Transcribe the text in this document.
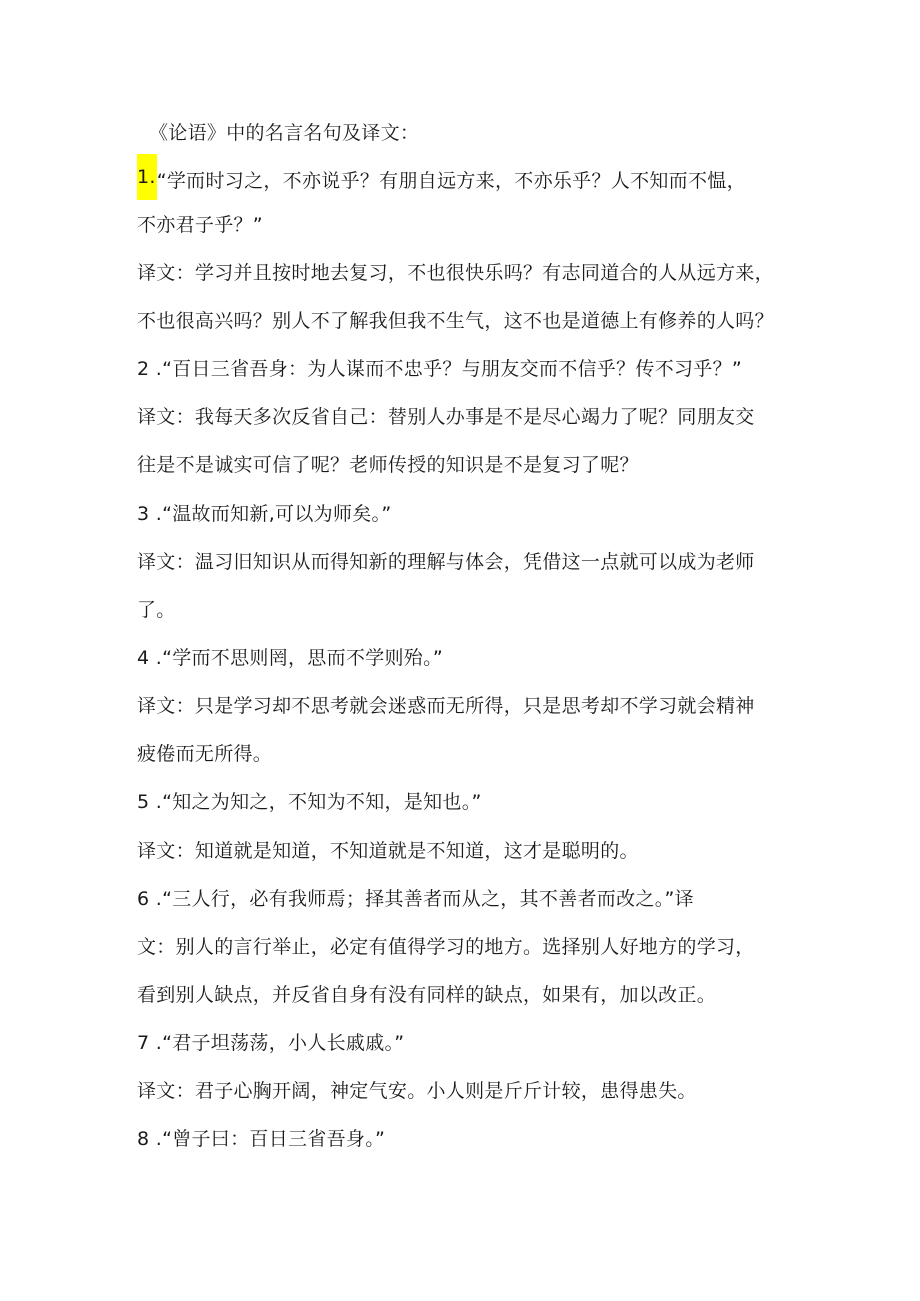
《论语》中的名言名句及译文：
1.“学而时习之，不亦说乎？有朋自远方来，不亦乐乎？人不知而不愠，
不亦君子乎？”
译文：学习并且按时地去复习，不也很快乐吗？有志同道合的人从远方来，
不也很高兴吗？别人不了解我但我不生气，这不也是道德上有修养的人吗？
2 .“百日三省吾身：为人谋而不忠乎？与朋友交而不信乎？传不习乎？”
译文：我每天多次反省自己：替别人办事是不是尽心竭力了呢？同朋友交
往是不是诚实可信了呢？老师传授的知识是不是复习了呢？
3 .“温故而知新,可以为师矣。”
译文：温习旧知识从而得知新的理解与体会，凭借这一点就可以成为老师
了。
4 .“学而不思则罔，思而不学则殆。”
译文：只是学习却不思考就会迷惑而无所得，只是思考却不学习就会精神
疲倦而无所得。
5 .“知之为知之，不知为不知，是知也。”
译文：知道就是知道，不知道就是不知道，这才是聪明的。
6 .“三人行，必有我师焉；择其善者而从之，其不善者而改之。”译
文：别人的言行举止，必定有值得学习的地方。选择别人好地方的学习，
看到别人缺点，并反省自身有没有同样的缺点，如果有，加以改正。
7 .“君子坦荡荡，小人长戚戚。”
译文：君子心胸开阔，神定气安。小人则是斤斤计较，患得患失。
8 .“曾子曰：百日三省吾身。”
